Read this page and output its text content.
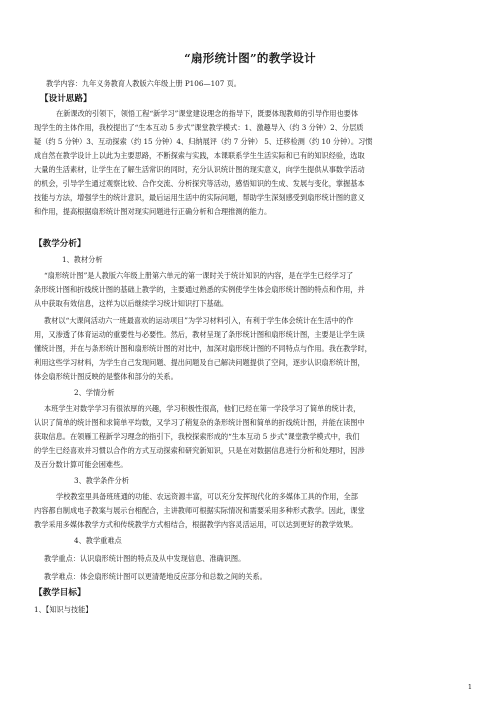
“扇形统计图”的教学设计
教学内容：九年义务教育人教版六年级上册 P106—107 页。
【设计思路】
在新课改的引领下，领悟工程“新学习”课堂建设理念的指导下，既要体现教师的引导作用也要体
现学生的主体作用，我校提出了“生本互动 5 步式”课堂教学模式：1、激趣导入（约 3 分钟）2、分层质
疑（约 5 分钟）3、互动探索（约 15 分钟）4、归纳展评（约 7 分钟） 5、迁移检测（约 10 分钟）。习惯
成自然在教学设计上以此为主要思路，不断探索与实践，本课联系学生生活实际和已有的知识经验，选取
大量的生活素材，让学生在了解生活常识的同时，充分认识统计图的现实意义，向学生提供从事数学活动
的机会，引导学生通过观察比较、合作交流、分析探究等活动，感悟知识的生成、发展与变化，掌握基本
技能与方法，增强学生的统计意识，最后运用生活中的实际问题，帮助学生深刻感受到扇形统计图的意义
和作用，提高根据扇形统计图对现实问题进行正确分析和合理推测的能力。
【教学分析】
1、教材分析
“扇形统计图”是人教版六年级上册第六单元的第一课时关于统计知识的内容，是在学生已经学习了
条形统计图和折线统计图的基础上教学的，主要通过熟悉的实例使学生体会扇形统计图的特点和作用，并
从中获取有效信息，这样为以后继续学习统计知识打下基础。
教材以“大课间活动六一班最喜欢的运动项目”为学习材料引入，有利于学生体会统计在生活中的作
用，又渗透了体育运动的重要性与必要性。然后，教材呈现了条形统计图和扇形统计图，主要是让学生读
懂统计图，并在与条形统计图和扇形统计图的对比中，加深对扇形统计图的不同特点与作用。我在教学时，
利用这些学习材料，为学生自己发现问题、提出问题及自己解决问题提供了空间，逐步认识扇形统计图，
体会扇形统计图反映的是整体和部分的关系。
2、学情分析
本班学生对数学学习有很浓厚的兴趣，学习积极性很高，他们已经在第一学段学习了简单的统计表，
认识了简单的统计图和求简单平均数，又学习了稍复杂的条形统计图和简单的折线统计图，并能在读图中
获取信息。在领雁工程新学习理念的指引下，我校探索形成的“生本互动 5 步式”课堂教学模式中，我们
的学生已经喜欢并习惯以合作的方式互动探索和研究新知识，只是在对数据信息进行分析和处理时，因涉
及百分数计算可能会困难些。
3、教学条件分析
学校教室里具备班班通的功能、农远资源丰富，可以充分发挥现代化的多媒体工具的作用，全部
内容都自制成电子教案与展示台相配合，主讲教师可根据实际情况和需要采用多种形式教学。因此，课堂
教学采用多媒体教学方式和传统教学方式相结合，根据教学内容灵活运用，可以达到更好的教学效果。
4、教学重难点
教学重点：认识扇形统计图的特点及从中发现信息、准确识图。
教学难点：体会扇形统计图可以更清楚地反应部分和总数之间的关系。
【教学目标】
1、【知识与技能】
1
